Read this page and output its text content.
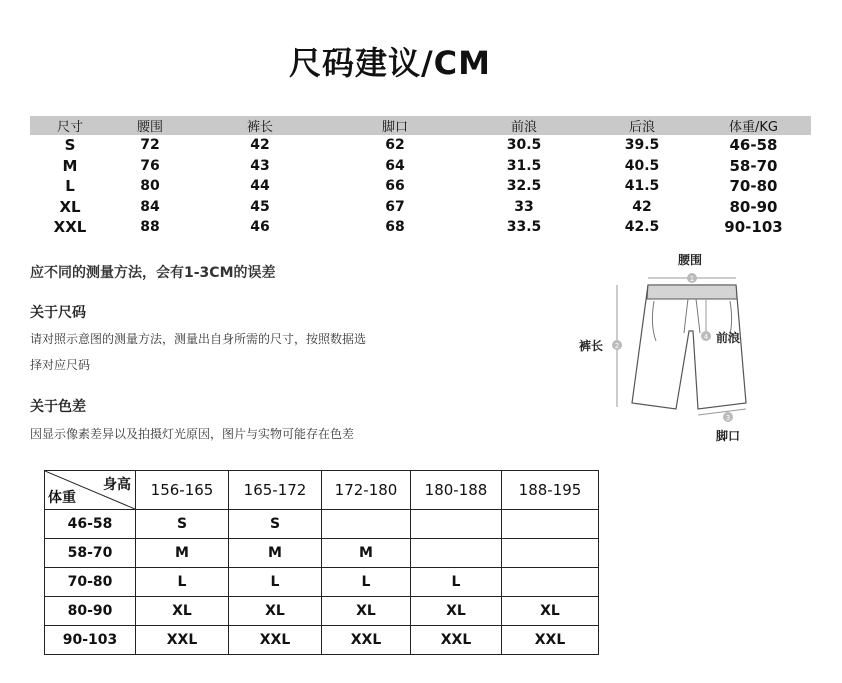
尺码建议/CM
尺寸	腰围	裤长	脚口	前浪	后浪	体重/KG
S	72	42	62	30.5	39.5	46-58
M	76	43	64	31.5	40.5	58-70
L	80	44	66	32.5	41.5	70-80
XL	84	45	67	33	42	80-90
XXL	88	46	68	33.5	42.5	90-103
应不同的测量方法，会有1-3CM的误差
关于尺码
请对照示意图的测量方法，测量出自身所需的尺寸，按照数据选
择对应尺码
关于色差
因显示像素差异以及拍摄灯光原因，图片与实物可能存在色差
1
2
4
3
腰围
裤长
前浪
脚口
身高
体重	156-165	165-172	172-180	180-188	188-195
46-58	S	S			
58-70	M	M	M		
70-80	L	L	L	L	
80-90	XL	XL	XL	XL	XL
90-103	XXL	XXL	XXL	XXL	XXL
